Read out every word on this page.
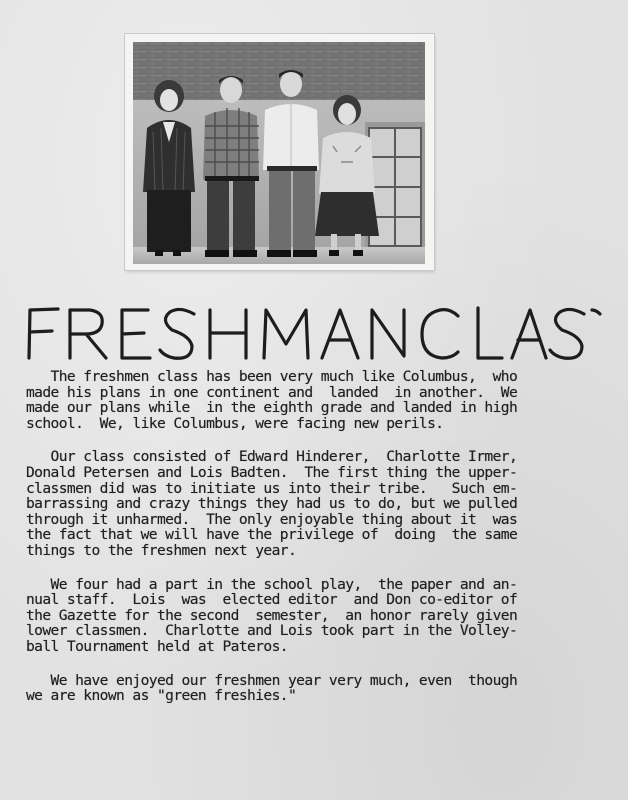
The freshmen class has been very much like Columbus,  who
made his plans in one continent and  landed  in another.  We
made our plans while  in the eighth grade and landed in high
school.  We, like Columbus, were facing new perils.
Our class consisted of Edward Hinderer,  Charlotte Irmer,
Donald Petersen and Lois Badten.  The first thing the upper-
classmen did was to initiate us into their tribe.   Such em-
barrassing and crazy things they had us to do, but we pulled
through it unharmed.  The only enjoyable thing about it  was
the fact that we will have the privilege of  doing  the same
things to the freshmen next year.
We four had a part in the school play,  the paper and an-
nual staff.  Lois  was  elected editor  and Don co-editor of
the Gazette for the second  semester,  an honor rarely given
lower classmen.  Charlotte and Lois took part in the Volley-
ball Tournament held at Pateros.
We have enjoyed our freshmen year very much, even  though
we are known as "green freshies."
